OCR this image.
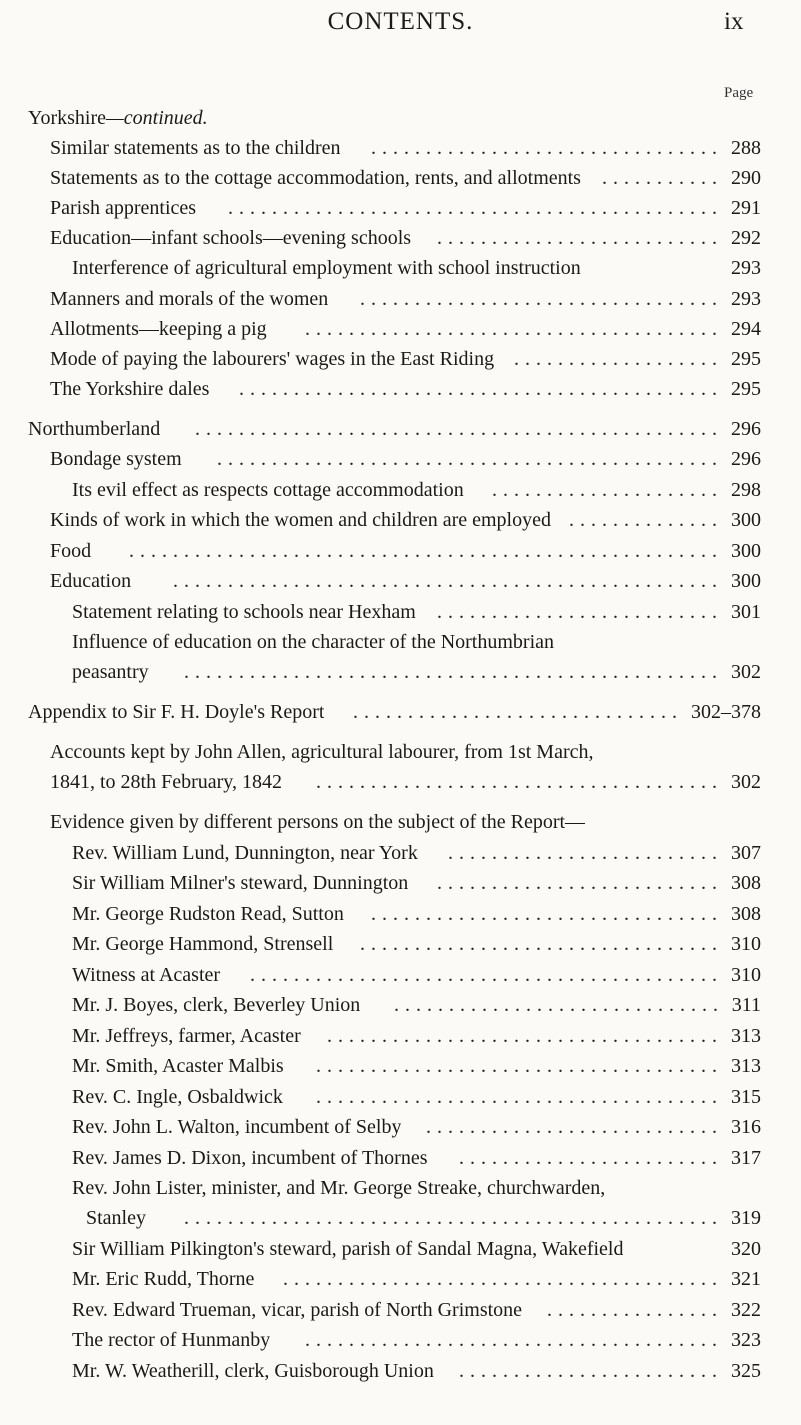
CONTENTS.	ix
Page
Yorkshire—continued.
Similar statements as to the children	288
................................
Statements as to the cottage accommodation, rents, and allotments	290
...........
Parish apprentices	291
.............................................
Education—infant schools—evening schools	292
..........................
Interference of agricultural employment with school instruction	293
Manners and morals of the women	293
.................................
Allotments—keeping a pig	294
......................................
Mode of paying the labourers' wages in the East Riding	295
...................
The Yorkshire dales	295
............................................
Northumberland	296
................................................
Bondage system	296
..............................................
Its evil effect as respects cottage accommodation	298
.....................
Kinds of work in which the women and children are employed	300
..............
Food	300
......................................................
Education	300
..................................................
Statement relating to schools near Hexham	301
..........................
Influence of education on the character of the Northumbrian
peasantry	302
.................................................
Appendix to Sir F. H. Doyle's Report	302–378
..............................
Accounts kept by John Allen, agricultural labourer, from 1st March,
1841, to 28th February, 1842	302
.....................................
Evidence given by different persons on the subject of the Report—
Rev. William Lund, Dunnington, near York	307
.........................
Sir William Milner's steward, Dunnington	308
..........................
Mr. George Rudston Read, Sutton	308
................................
Mr. George Hammond, Strensell	310
.................................
Witness at Acaster	310
...........................................
Mr. J. Boyes, clerk, Beverley Union	311
..............................
Mr. Jeffreys, farmer, Acaster	313
....................................
Mr. Smith, Acaster Malbis	313
.....................................
Rev. C. Ingle, Osbaldwick	315
.....................................
Rev. John L. Walton, incumbent of Selby	316
...........................
Rev. James D. Dixon, incumbent of Thornes	317
........................
Rev. John Lister, minister, and Mr. George Streake, churchwarden,
Stanley	319
.................................................
Sir William Pilkington's steward, parish of Sandal Magna, Wakefield	320
Mr. Eric Rudd, Thorne	321
........................................
Rev. Edward Trueman, vicar, parish of North Grimstone	322
................
The rector of Hunmanby	323
......................................
Mr. W. Weatherill, clerk, Guisborough Union	325
........................
